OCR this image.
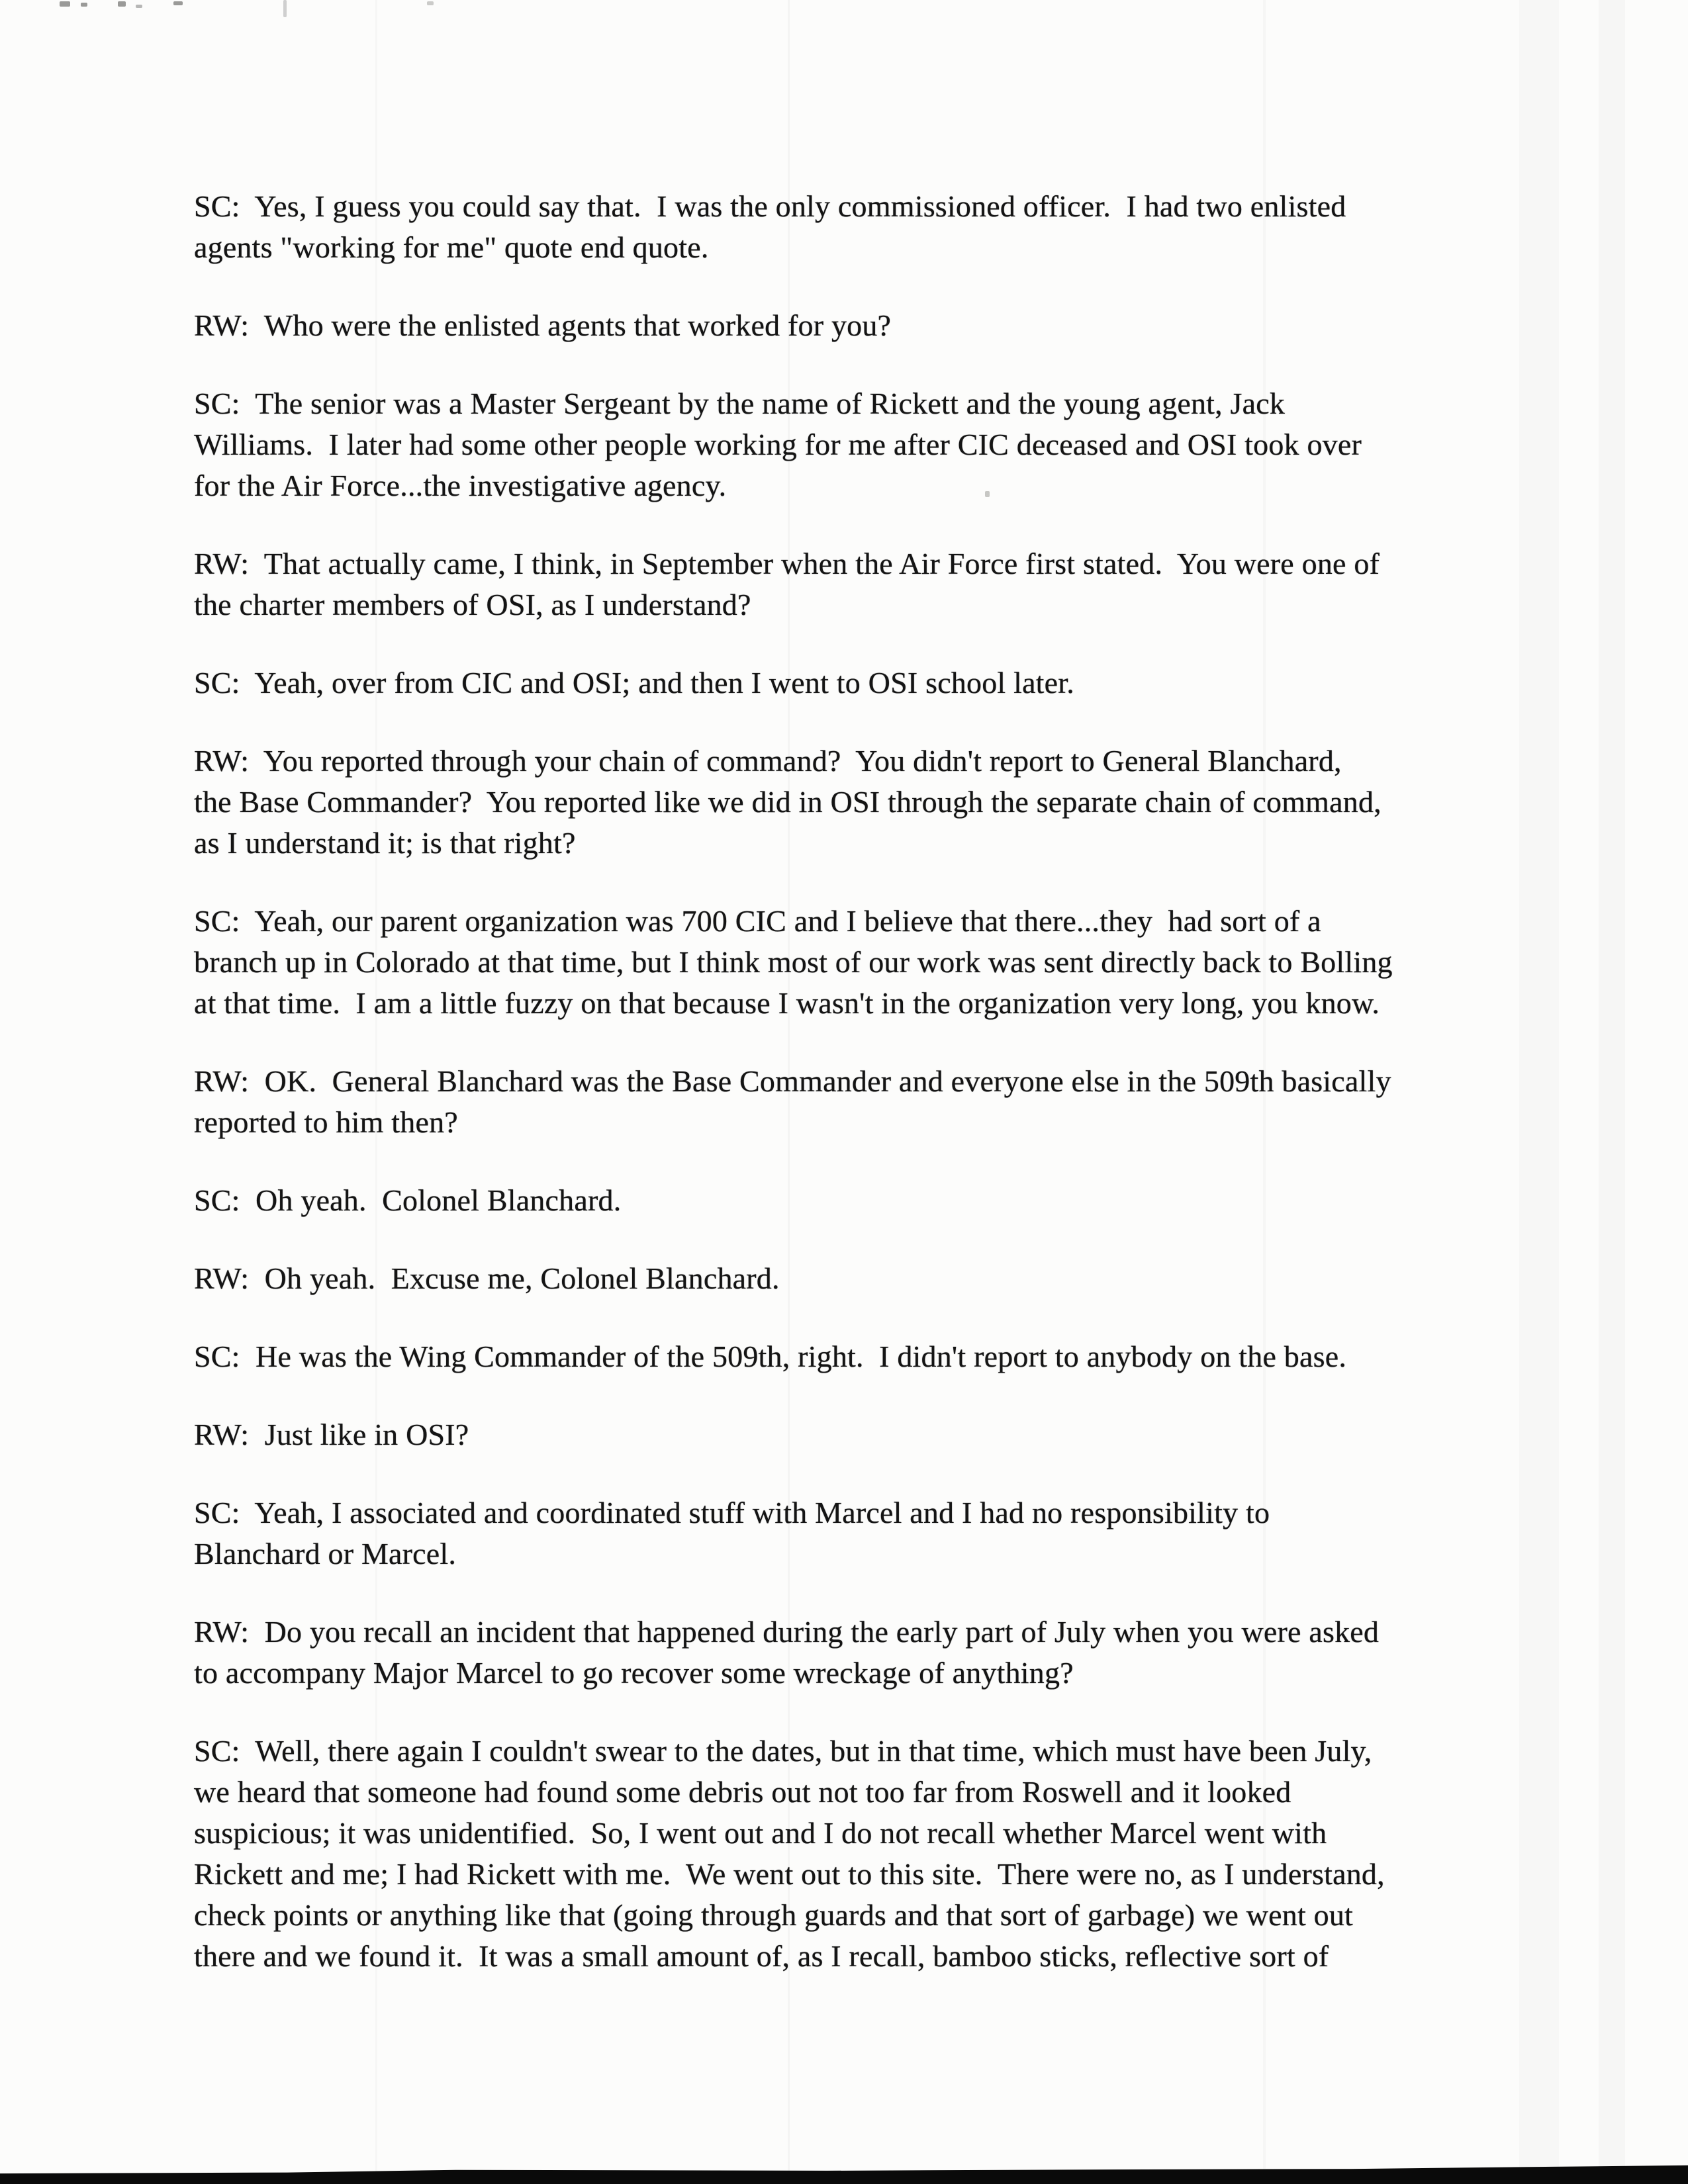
SC:  Yes, I guess you could say that.  I was the only commissioned officer.  I had two enlisted
agents "working for me" quote end quote.

RW:  Who were the enlisted agents that worked for you?

SC:  The senior was a Master Sergeant by the name of Rickett and the young agent, Jack
Williams.  I later had some other people working for me after CIC deceased and OSI took over
for the Air Force...the investigative agency.

RW:  That actually came, I think, in September when the Air Force first stated.  You were one of
the charter members of OSI, as I understand?

SC:  Yeah, over from CIC and OSI; and then I went to OSI school later.

RW:  You reported through your chain of command?  You didn't report to General Blanchard,
the Base Commander?  You reported like we did in OSI through the separate chain of command,
as I understand it; is that right?

SC:  Yeah, our parent organization was 700 CIC and I believe that there...they  had sort of a
branch up in Colorado at that time, but I think most of our work was sent directly back to Bolling
at that time.  I am a little fuzzy on that because I wasn't in the organization very long, you know.

RW:  OK.  General Blanchard was the Base Commander and everyone else in the 509th basically
reported to him then?

SC:  Oh yeah.  Colonel Blanchard.

RW:  Oh yeah.  Excuse me, Colonel Blanchard.

SC:  He was the Wing Commander of the 509th, right.  I didn't report to anybody on the base.

RW:  Just like in OSI?

SC:  Yeah, I associated and coordinated stuff with Marcel and I had no responsibility to
Blanchard or Marcel.

RW:  Do you recall an incident that happened during the early part of July when you were asked
to accompany Major Marcel to go recover some wreckage of anything?

SC:  Well, there again I couldn't swear to the dates, but in that time, which must have been July,
we heard that someone had found some debris out not too far from Roswell and it looked
suspicious; it was unidentified.  So, I went out and I do not recall whether Marcel went with
Rickett and me; I had Rickett with me.  We went out to this site.  There were no, as I understand,
check points or anything like that (going through guards and that sort of garbage) we went out
there and we found it.  It was a small amount of, as I recall, bamboo sticks, reflective sort of
